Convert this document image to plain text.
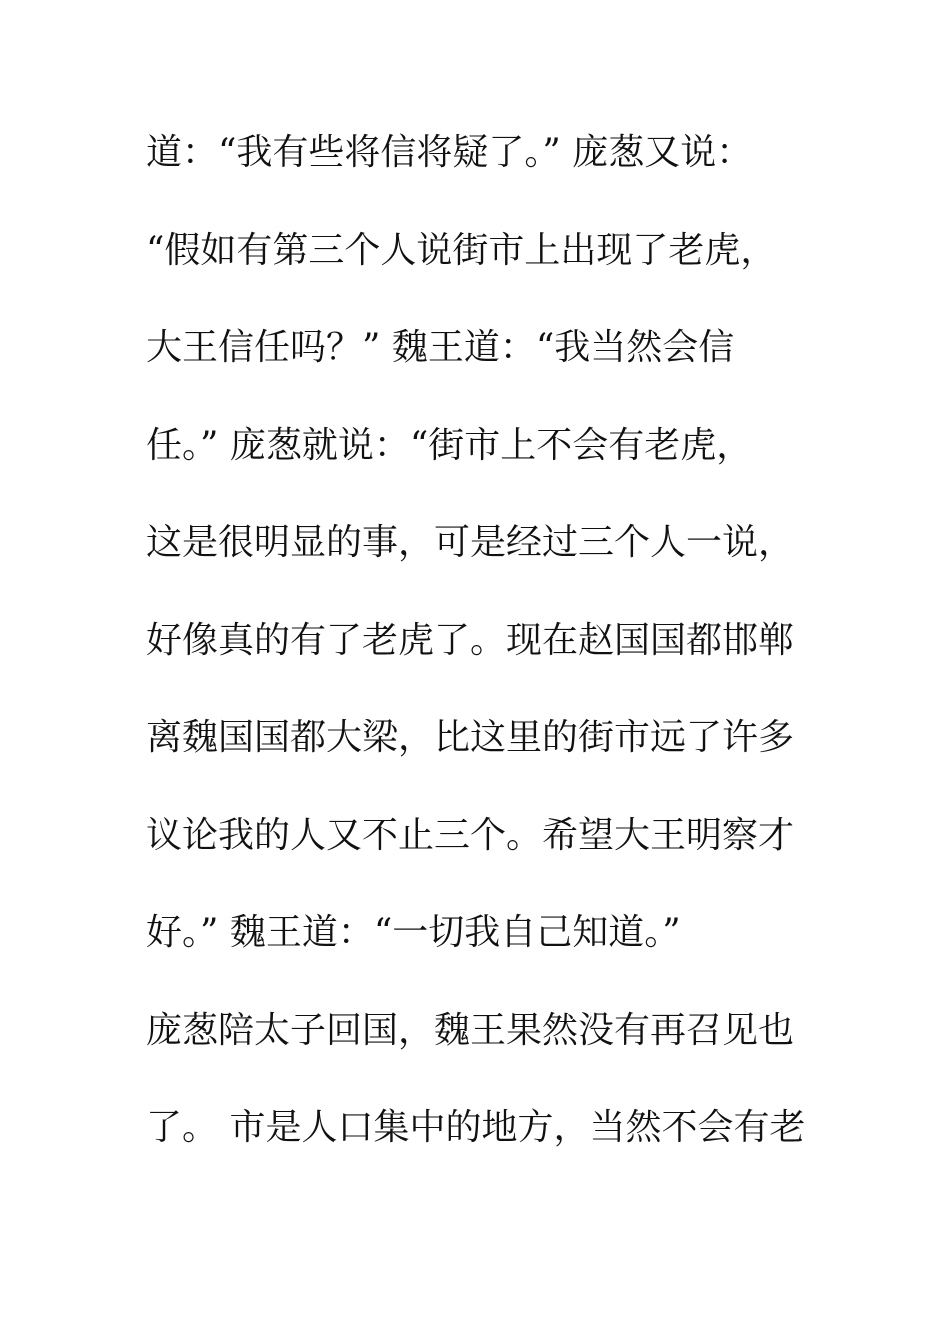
道：“我有些将信将疑了。” 庞葱又说：
“假如有第三个人说街市上出现了老虎，
大王信任吗？” 魏王道：“我当然会信
任。” 庞葱就说：“街市上不会有老虎，
这是很明显的事，可是经过三个人一说，
好像真的有了老虎了。现在赵国国都邯郸
离魏国国都大梁，比这里的街市远了许多
议论我的人又不止三个。希望大王明察才
好。” 魏王道：“一切我自己知道。”
庞葱陪太子回国，魏王果然没有再召见也
了。 市是人口集中的地方，当然不会有老
